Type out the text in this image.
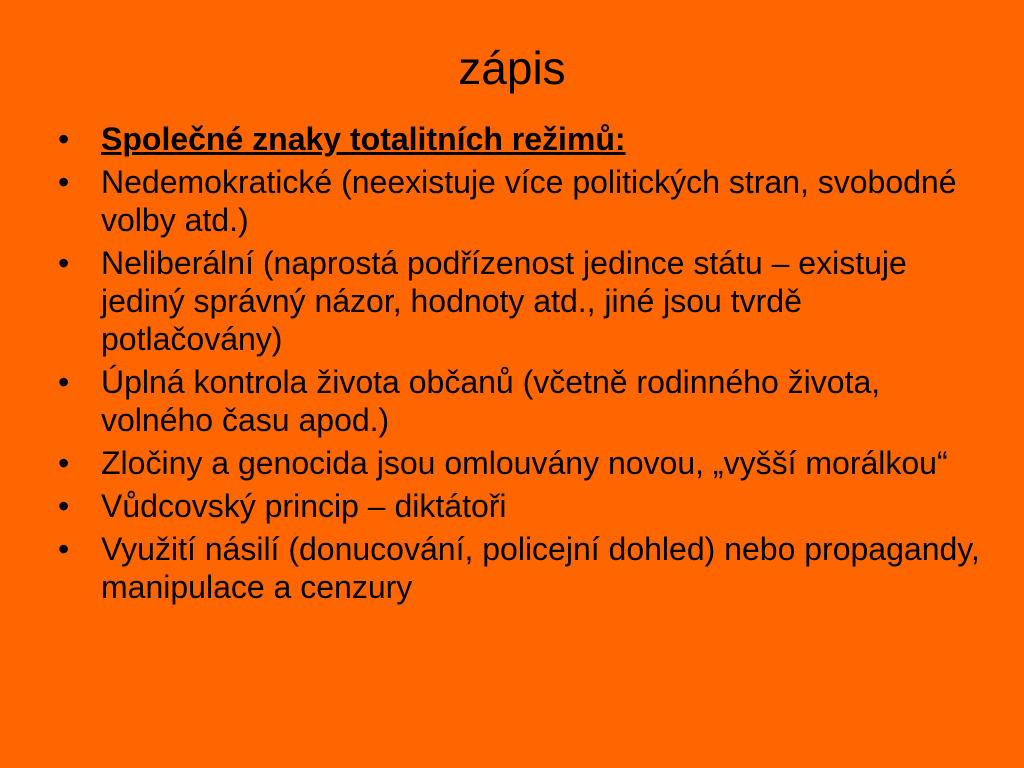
zápis
• Společné znaky totalitních režimů:
• Nedemokratické (neexistuje více politických stran, svobodné volby atd.)
• Neliberální (naprostá podřízenost jedince státu – existuje jediný správný názor, hodnoty atd., jiné jsou tvrdě potlačovány)
• Úplná kontrola života občanů (včetně rodinného života, volného času apod.)
• Zločiny a genocida jsou omlouvány novou, „vyšší morálkou“
• Vůdcovský princip – diktátoři
• Využití násilí (donucování, policejní dohled) nebo propagandy, manipulace a cenzury
